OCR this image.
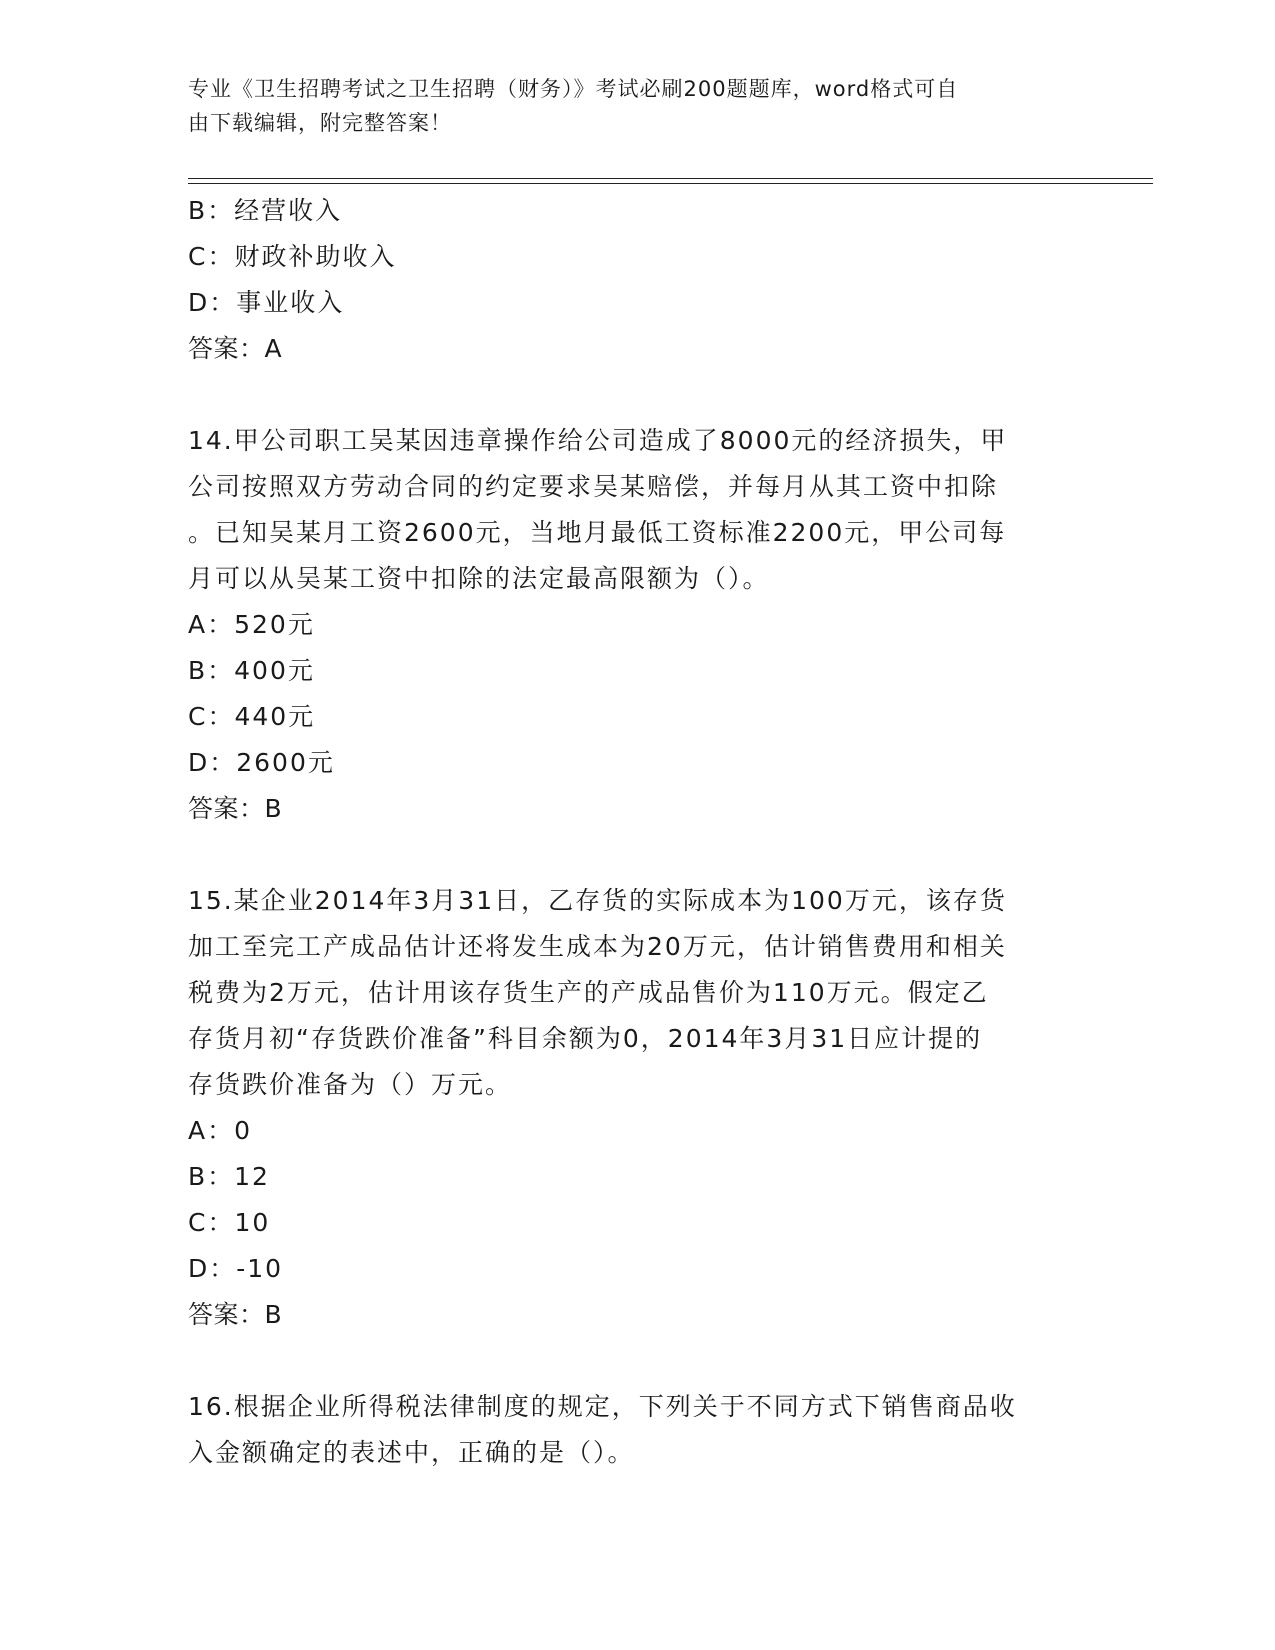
专业《卫生招聘考试之卫生招聘（财务）》考试必刷200题题库，word格式可自
由下载编辑，附完整答案！
B：经营收入
C：财政补助收入
D：事业收入
答案：A
14.甲公司职工吴某因违章操作给公司造成了8000元的经济损失，甲
公司按照双方劳动合同的约定要求吴某赔偿，并每月从其工资中扣除
。已知吴某月工资2600元，当地月最低工资标准2200元，甲公司每
月可以从吴某工资中扣除的法定最高限额为（）。
A：520元
B：400元
C：440元
D：2600元
答案：B
15.某企业2014年3月31日，乙存货的实际成本为100万元，该存货
加工至完工产成品估计还将发生成本为20万元，估计销售费用和相关
税费为2万元，估计用该存货生产的产成品售价为110万元。假定乙
存货月初“存货跌价准备”科目余额为0，2014年3月31日应计提的
存货跌价准备为（）万元。
A：0
B：12
C：10
D：-10
答案：B
16.根据企业所得税法律制度的规定，下列关于不同方式下销售商品收
入金额确定的表述中，正确的是（）。
